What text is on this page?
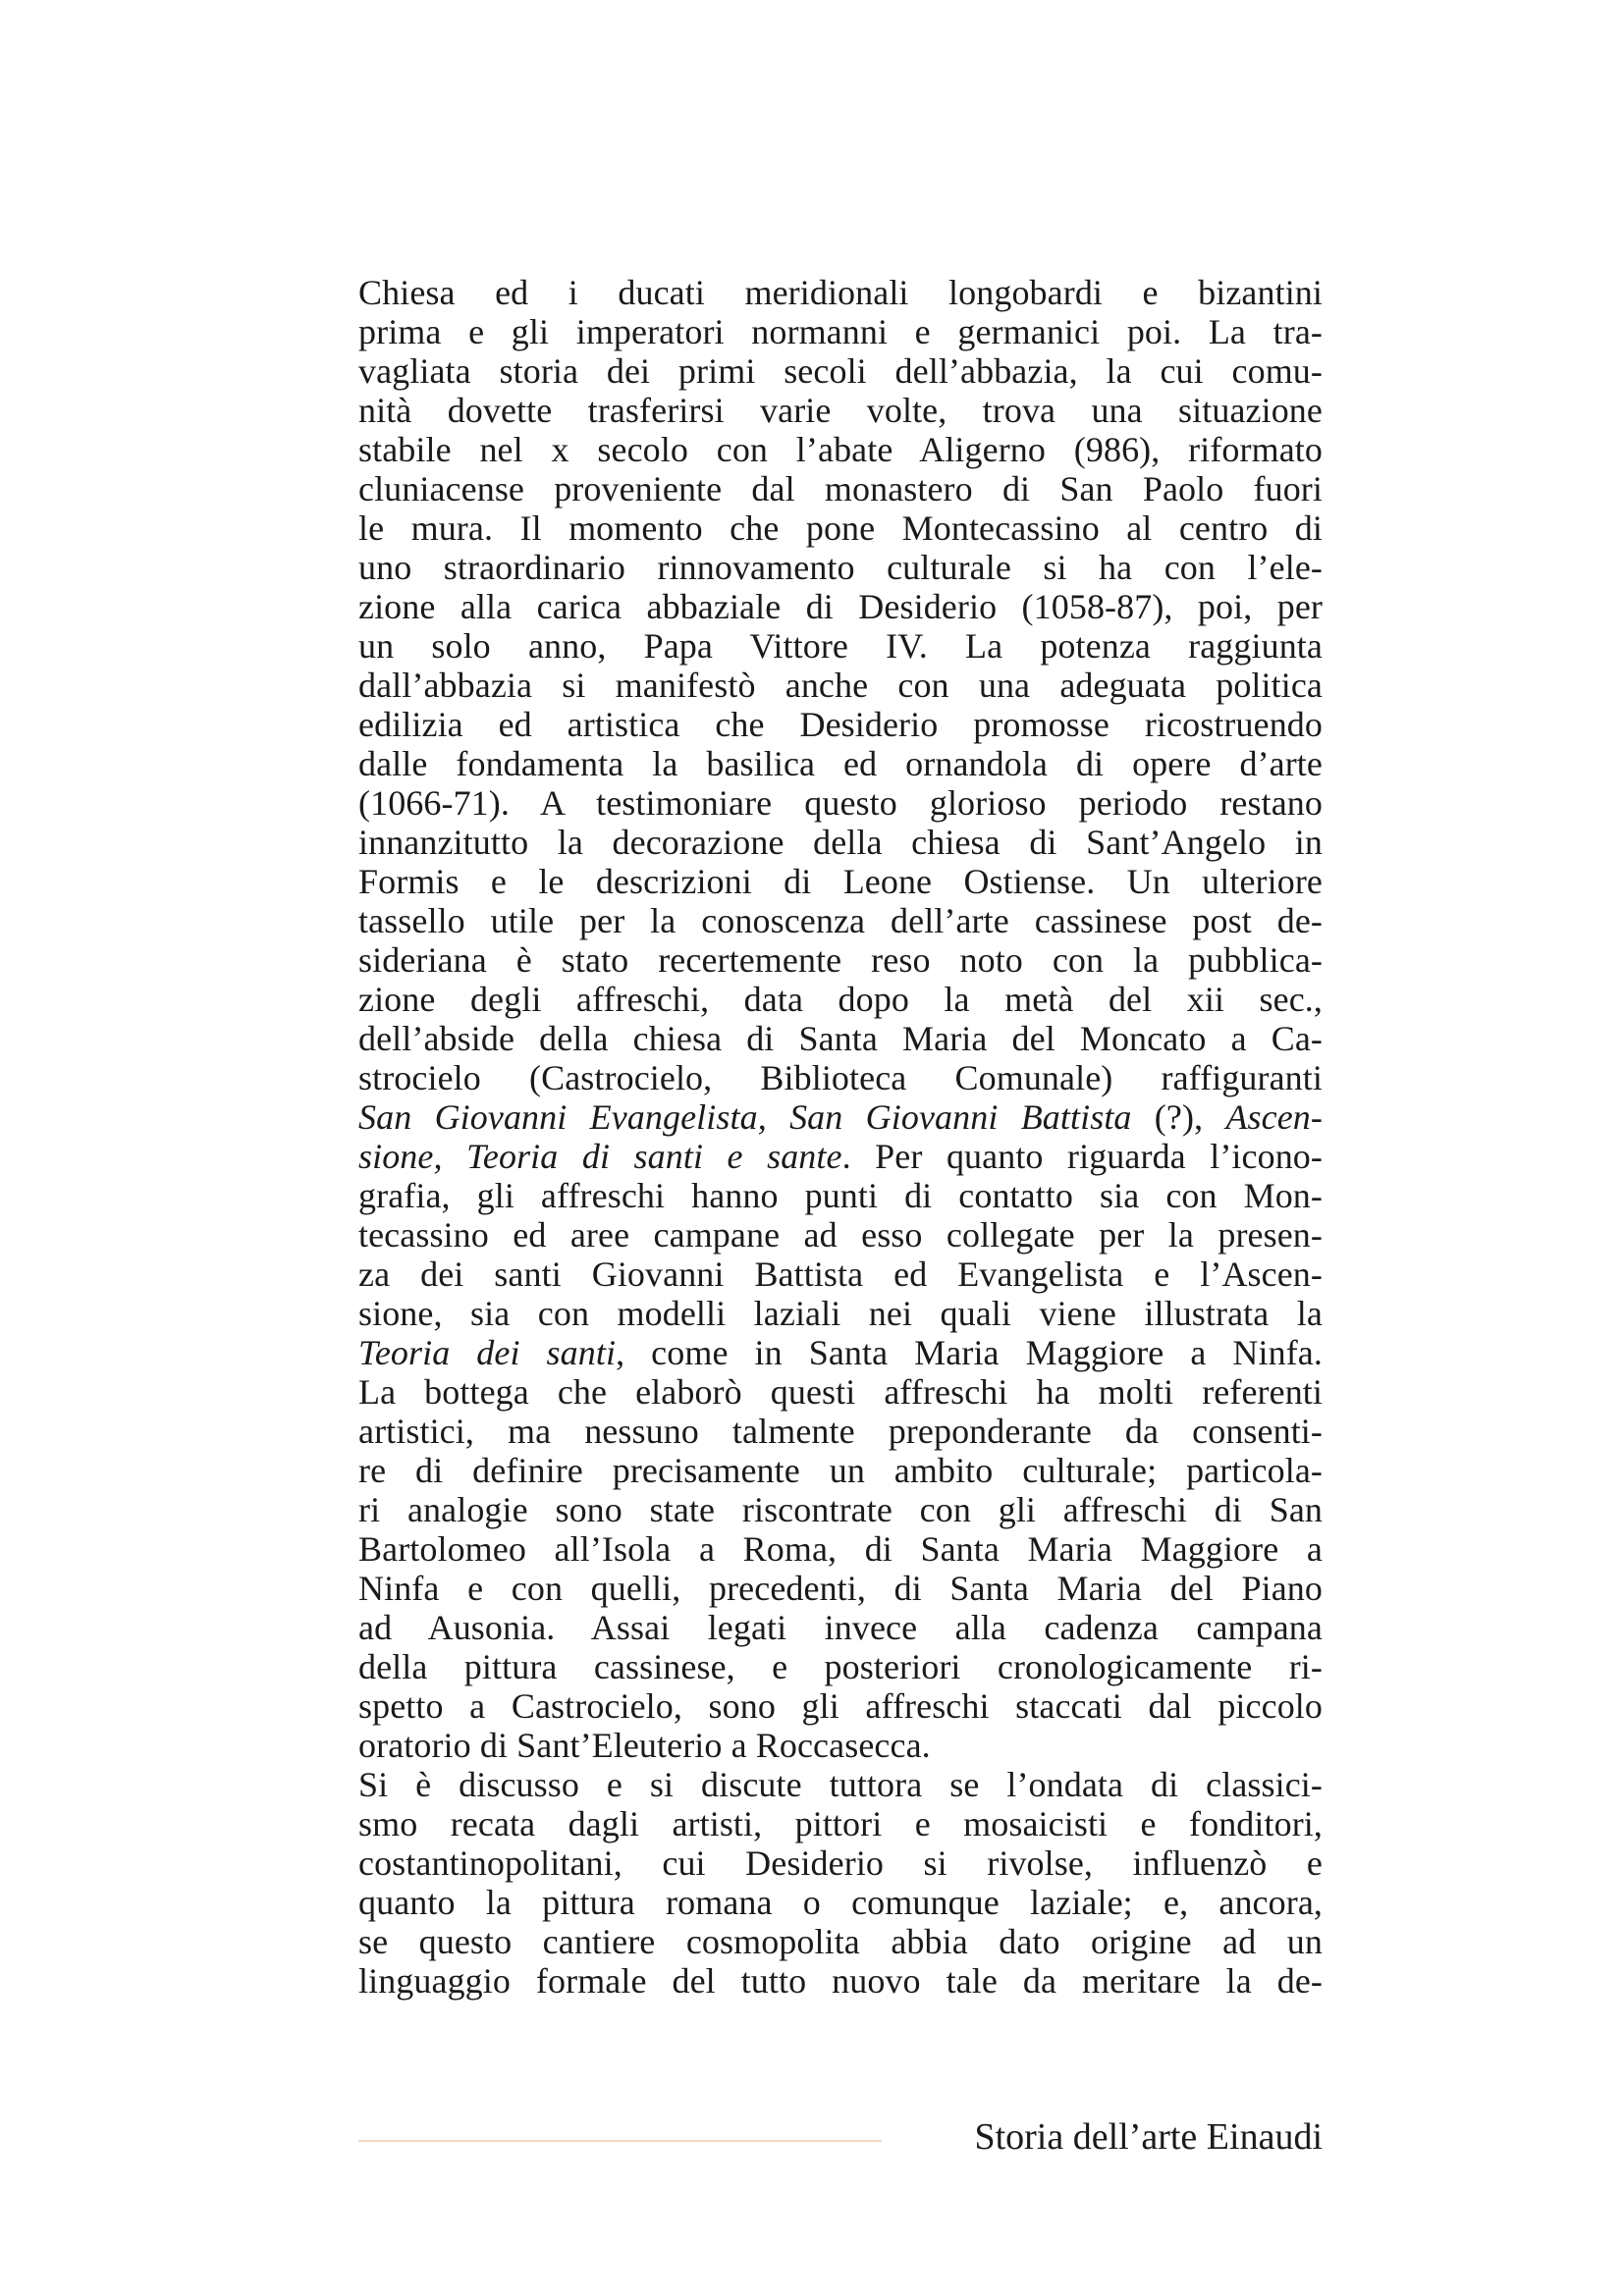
Chiesa ed i ducati meridionali longobardi e bizantini
prima e gli imperatori normanni e germanici poi. La tra-
vagliata storia dei primi secoli dell’abbazia, la cui comu-
nità dovette trasferirsi varie volte, trova una situazione
stabile nel x secolo con l’abate Aligerno (986), riformato
cluniacense proveniente dal monastero di San Paolo fuori
le mura. Il momento che pone Montecassino al centro di
uno straordinario rinnovamento culturale si ha con l’ele-
zione alla carica abbaziale di Desiderio (1058-87), poi, per
un solo anno, Papa Vittore IV. La potenza raggiunta
dall’abbazia si manifestò anche con una adeguata politica
edilizia ed artistica che Desiderio promosse ricostruendo
dalle fondamenta la basilica ed ornandola di opere d’arte
(1066-71). A testimoniare questo glorioso periodo restano
innanzitutto la decorazione della chiesa di Sant’Angelo in
Formis e le descrizioni di Leone Ostiense. Un ulteriore
tassello utile per la conoscenza dell’arte cassinese post de-
sideriana è stato recertemente reso noto con la pubblica-
zione degli affreschi, data dopo la metà del xii sec.,
dell’abside della chiesa di Santa Maria del Moncato a Ca-
strocielo (Castrocielo, Biblioteca Comunale) raffiguranti
San Giovanni Evangelista, San Giovanni Battista (?), Ascen-
sione, Teoria di santi e sante. Per quanto riguarda l’icono-
grafia, gli affreschi hanno punti di contatto sia con Mon-
tecassino ed aree campane ad esso collegate per la presen-
za dei santi Giovanni Battista ed Evangelista e l’Ascen-
sione, sia con modelli laziali nei quali viene illustrata la
Teoria dei santi, come in Santa Maria Maggiore a Ninfa.
La bottega che elaborò questi affreschi ha molti referenti
artistici, ma nessuno talmente preponderante da consenti-
re di definire precisamente un ambito culturale; particola-
ri analogie sono state riscontrate con gli affreschi di San
Bartolomeo all’Isola a Roma, di Santa Maria Maggiore a
Ninfa e con quelli, precedenti, di Santa Maria del Piano
ad Ausonia. Assai legati invece alla cadenza campana
della pittura cassinese, e posteriori cronologicamente ri-
spetto a Castrocielo, sono gli affreschi staccati dal piccolo
oratorio di Sant’Eleuterio a Roccasecca.
Si è discusso e si discute tuttora se l’ondata di classici-
smo recata dagli artisti, pittori e mosaicisti e fonditori,
costantinopolitani, cui Desiderio si rivolse, influenzò e
quanto la pittura romana o comunque laziale; e, ancora,
se questo cantiere cosmopolita abbia dato origine ad un
linguaggio formale del tutto nuovo tale da meritare la de-
Storia dell’arte Einaudi
